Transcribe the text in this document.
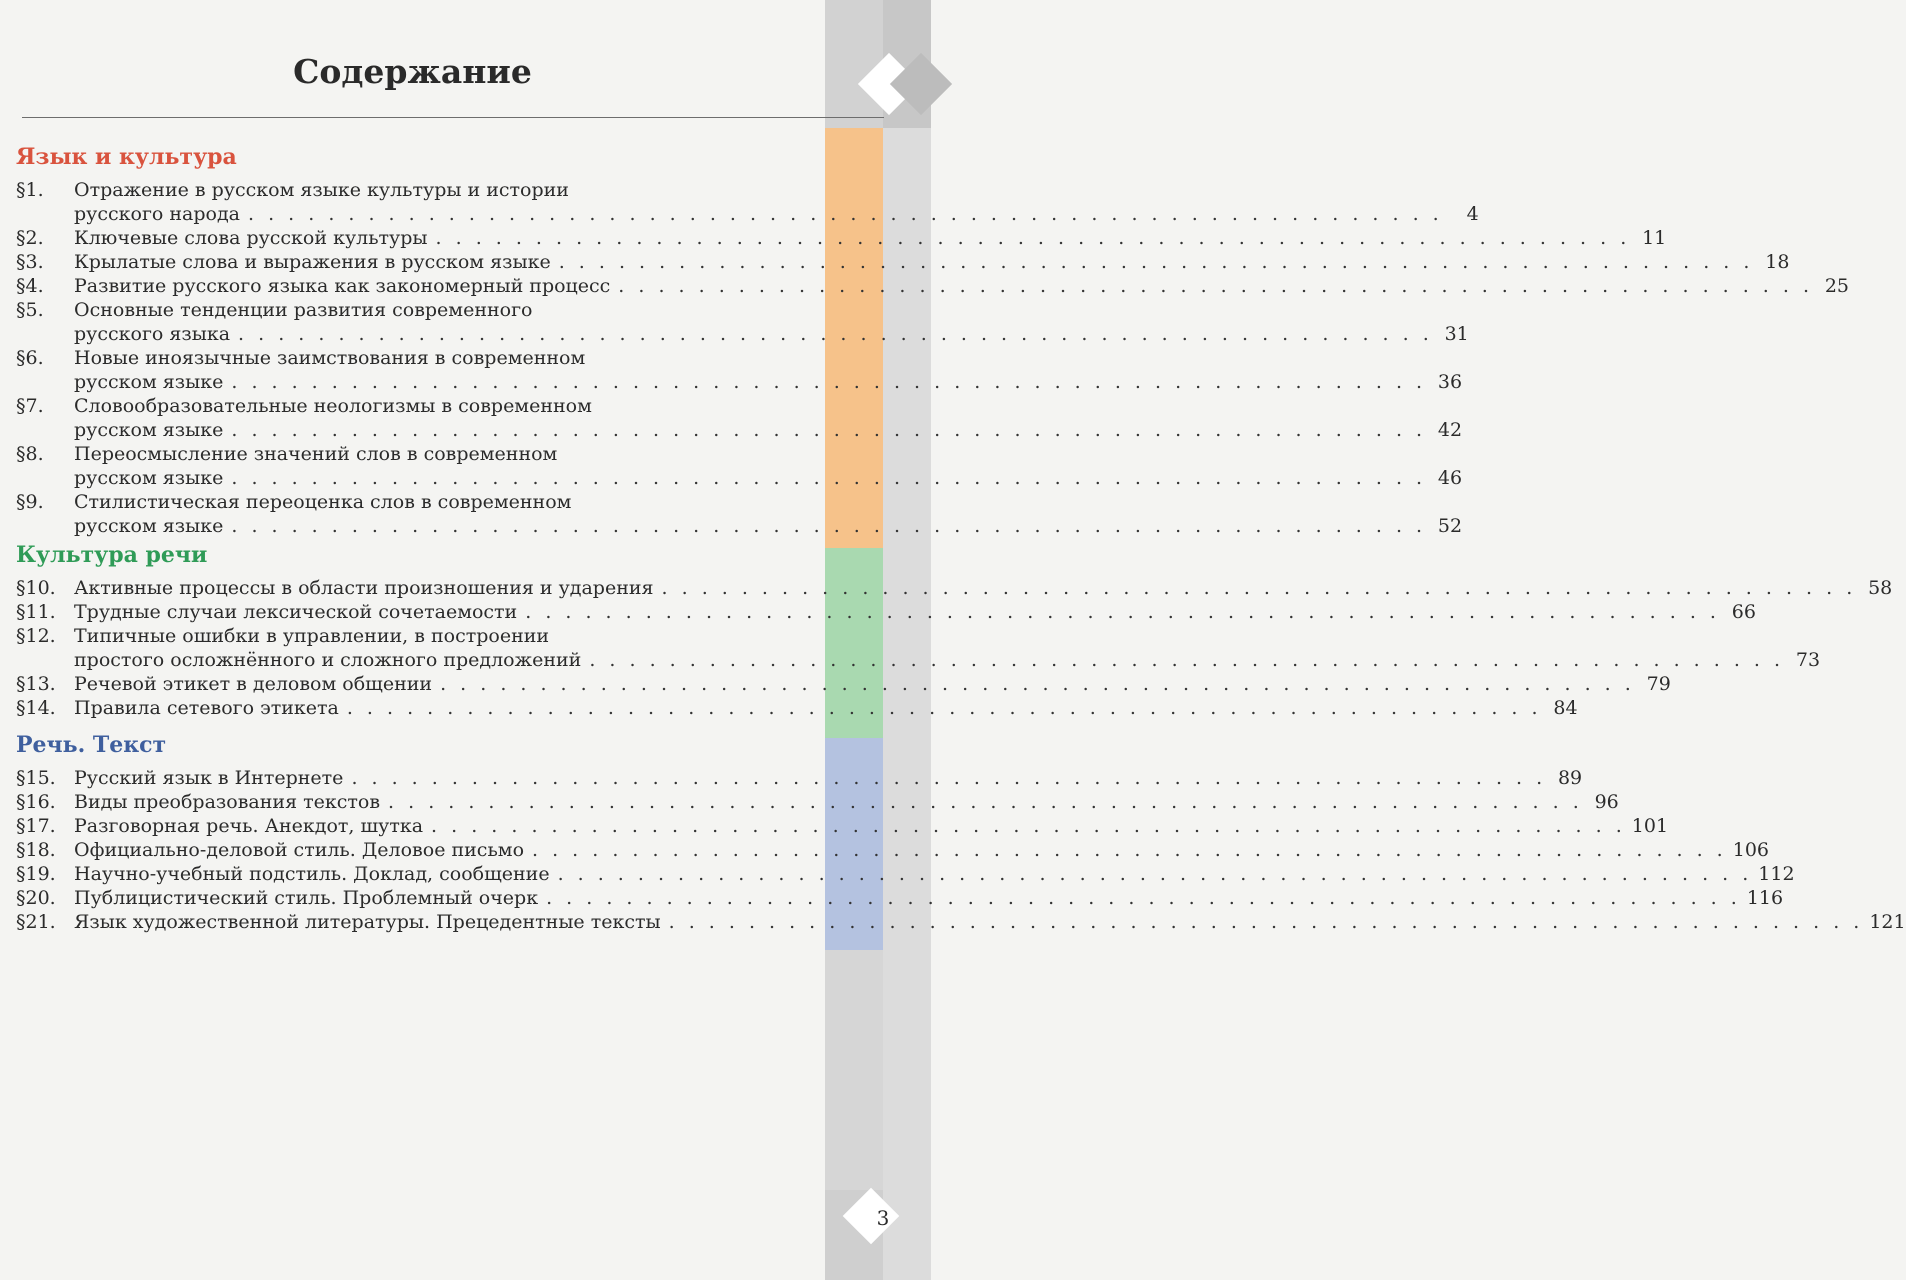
3
Содержание
Язык и культура
§1.	Отражение в русском языке культуры и истории
русского народа . . . . . . . . . . . . . . . . . . . . . . . . . . . . . . . . . . . . . . . . . . . . . . . . . . . . . . . . . . . .	4
§2.	Ключевые слова русской культуры . . . . . . . . . . . . . . . . . . . . . . . . . . . . . . . . . . . . . . . . . . . . . . . . . . . . . . . . . . . . 11
§3.	Крылатые слова и выражения в русском языке . . . . . . . . . . . . . . . . . . . . . . . . . . . . . . . . . . . . . . . . . . . . . . . . . . . . . . . . . . . . 18
§4.	Развитие русского языка как закономерный процесс . . . . . . . . . . . . . . . . . . . . . . . . . . . . . . . . . . . . . . . . . . . . . . . . . . . . . . . . . . . . 25
§5.	Основные тенденции развития современного
русского языка . . . . . . . . . . . . . . . . . . . . . . . . . . . . . . . . . . . . . . . . . . . . . . . . . . . . . . . . . . . . 31
§6.	Новые иноязычные заимствования в современном
русском языке . . . . . . . . . . . . . . . . . . . . . . . . . . . . . . . . . . . . . . . . . . . . . . . . . . . . . . . . . . . . 36
§7.	Словообразовательные неологизмы в современном
русском языке . . . . . . . . . . . . . . . . . . . . . . . . . . . . . . . . . . . . . . . . . . . . . . . . . . . . . . . . . . . . 42
§8.	Переосмысление значений слов в современном
русском языке . . . . . . . . . . . . . . . . . . . . . . . . . . . . . . . . . . . . . . . . . . . . . . . . . . . . . . . . . . . . 46
§9.	Стилистическая переоценка слов в современном
русском языке . . . . . . . . . . . . . . . . . . . . . . . . . . . . . . . . . . . . . . . . . . . . . . . . . . . . . . . . . . . . 52
Культура речи
§10. Активные процессы в области произношения и ударения . . . . . . . . . . . . . . . . . . . . . . . . . . . . . . . . . . . . . . . . . . . . . . . . . . . . . . . . . . . . 58
§11. Трудные случаи лексической сочетаемости . . . . . . . . . . . . . . . . . . . . . . . . . . . . . . . . . . . . . . . . . . . . . . . . . . . . . . . . . . . . 66
§12. Типичные ошибки в управлении, в построении
простого осложнённого и сложного предложений . . . . . . . . . . . . . . . . . . . . . . . . . . . . . . . . . . . . . . . . . . . . . . . . . . . . . . . . . . . . 73
§13. Речевой этикет в деловом общении . . . . . . . . . . . . . . . . . . . . . . . . . . . . . . . . . . . . . . . . . . . . . . . . . . . . . . . . . . . . 79
§14. Правила сетевого этикета . . . . . . . . . . . . . . . . . . . . . . . . . . . . . . . . . . . . . . . . . . . . . . . . . . . . . . . . . . . . 84
Речь. Текст
§15. Русский язык в Интернете . . . . . . . . . . . . . . . . . . . . . . . . . . . . . . . . . . . . . . . . . . . . . . . . . . . . . . . . . . . . 89
§16. Виды преобразования текстов . . . . . . . . . . . . . . . . . . . . . . . . . . . . . . . . . . . . . . . . . . . . . . . . . . . . . . . . . . . . 96
§17. Разговорная речь. Анекдот, шутка . . . . . . . . . . . . . . . . . . . . . . . . . . . . . . . . . . . . . . . . . . . . . . . . . . . . . . . . . . . . 101
§18. Официально-деловой стиль. Деловое письмо . . . . . . . . . . . . . . . . . . . . . . . . . . . . . . . . . . . . . . . . . . . . . . . . . . . . . . . . . . . . 106
§19. Научно-учебный подстиль. Доклад, сообщение . . . . . . . . . . . . . . . . . . . . . . . . . . . . . . . . . . . . . . . . . . . . . . . . . . . . . . . . . . . . 112
§20. Публицистический стиль. Проблемный очерк . . . . . . . . . . . . . . . . . . . . . . . . . . . . . . . . . . . . . . . . . . . . . . . . . . . . . . . . . . . . 116
§21. Язык художественной литературы. Прецедентные тексты . . . . . . . . . . . . . . . . . . . . . . . . . . . . . . . . . . . . . . . . . . . . . . . . . . . . . . . . . . . . 121
